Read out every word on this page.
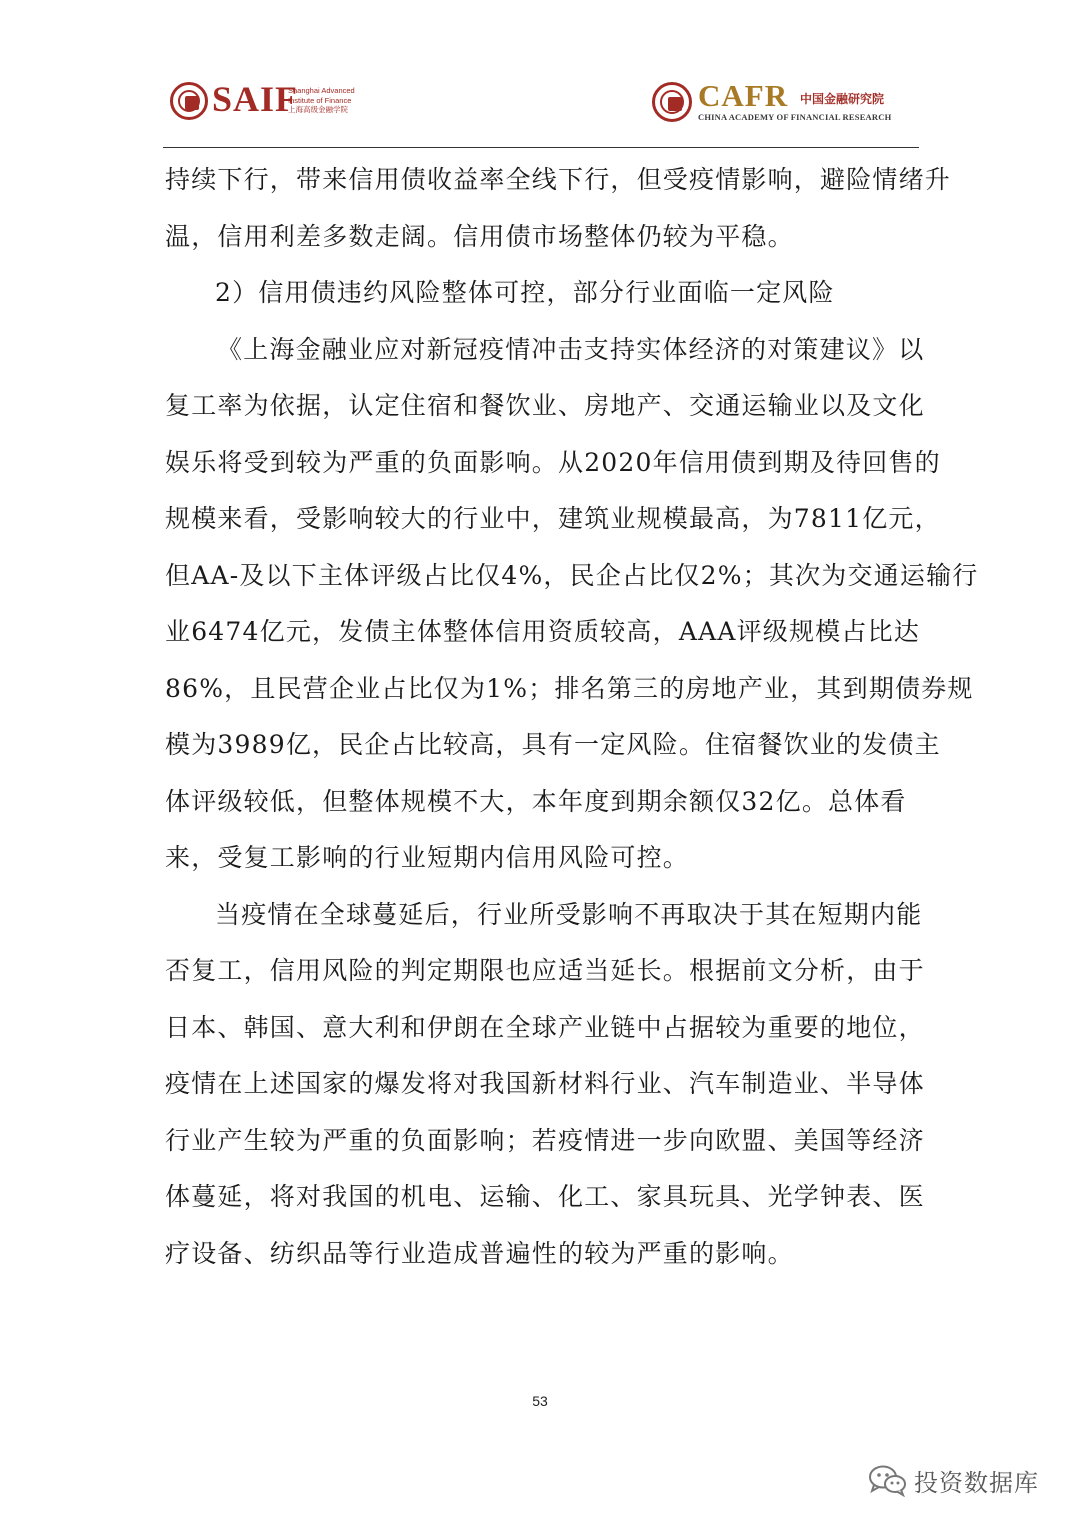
SAIF
Shanghai Advanced
Institute of Finance
上海高级金融学院	CAFR 中国金融研究院
CHINA ACADEMY OF FINANCIAL RESEARCH
持续下行，带来信用债收益率全线下行，但受疫情影响，避险情绪升
温，信用利差多数走阔。信用债市场整体仍较为平稳。
2）信用债违约风险整体可控，部分行业面临一定风险
《上海金融业应对新冠疫情冲击支持实体经济的对策建议》以
复工率为依据，认定住宿和餐饮业、房地产、交通运输业以及文化
娱乐将受到较为严重的负面影响。从2020年信用债到期及待回售的
规模来看，受影响较大的行业中，建筑业规模最高，为7811亿元，
但AA-及以下主体评级占比仅4%，民企占比仅2%；其次为交通运输行
业6474亿元，发债主体整体信用资质较高，AAA评级规模占比达
86%，且民营企业占比仅为1%；排名第三的房地产业，其到期债券规
模为3989亿，民企占比较高，具有一定风险。住宿餐饮业的发债主
体评级较低，但整体规模不大，本年度到期余额仅32亿。总体看
来，受复工影响的行业短期内信用风险可控。
当疫情在全球蔓延后，行业所受影响不再取决于其在短期内能
否复工，信用风险的判定期限也应适当延长。根据前文分析，由于
日本、韩国、意大利和伊朗在全球产业链中占据较为重要的地位，
疫情在上述国家的爆发将对我国新材料行业、汽车制造业、半导体
行业产生较为严重的负面影响；若疫情进一步向欧盟、美国等经济
体蔓延，将对我国的机电、运输、化工、家具玩具、光学钟表、医
疗设备、纺织品等行业造成普遍性的较为严重的影响。
53
投资数据库
